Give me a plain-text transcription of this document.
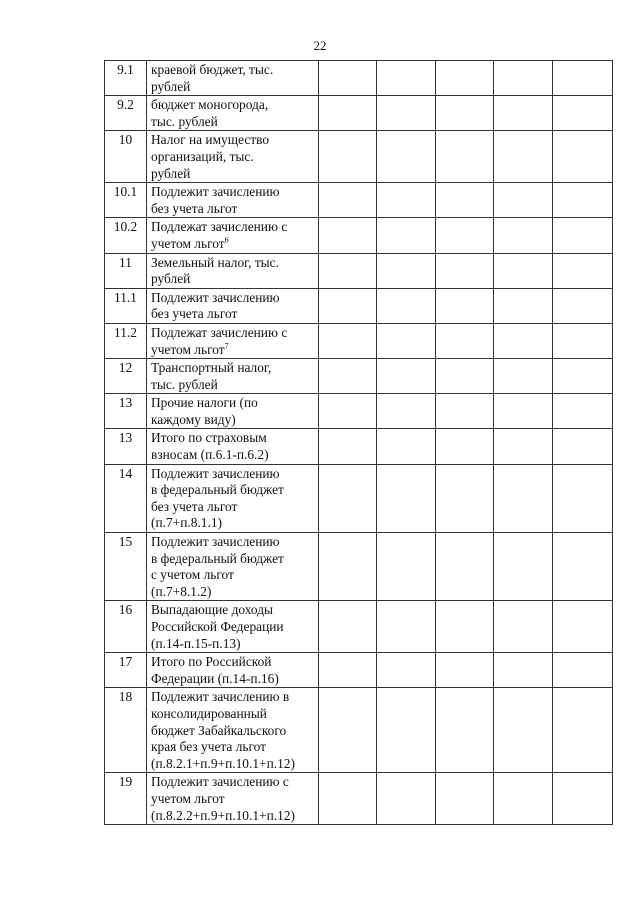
22
9.1	краевой бюджет, тыс.
рублей					
9.2	бюджет моногорода,
тыс. рублей					
10	Налог на имущество
организаций, тыс.
рублей					
10.1	Подлежит зачислению
без учета льгот					
10.2	Подлежат зачислению с
учетом льгот$^6$					
11	Земельный налог, тыс.
рублей					
11.1	Подлежит зачислению
без учета льгот					
11.2	Подлежат зачислению с
учетом льгот$^7$					
12	Транспортный налог,
тыс. рублей					
13	Прочие налоги (по
каждому виду)					
13	Итого по страховым
взносам (п.6.1-п.6.2)					
14	Подлежит зачислению
в федеральный бюджет
без учета льгот
(п.7+п.8.1.1)					
15	Подлежит зачислению
в федеральный бюджет
с учетом льгот
(п.7+8.1.2)					
16	Выпадающие доходы
Российской Федерации
(п.14-п.15-п.13)					
17	Итого по Российской
Федерации (п.14-п.16)					
18	Подлежит зачислению в
консолидированный
бюджет Забайкальского
края без учета льгот
(п.8.2.1+п.9+п.10.1+п.12)					
19	Подлежит зачислению с
учетом льгот
(п.8.2.2+п.9+п.10.1+п.12)					
